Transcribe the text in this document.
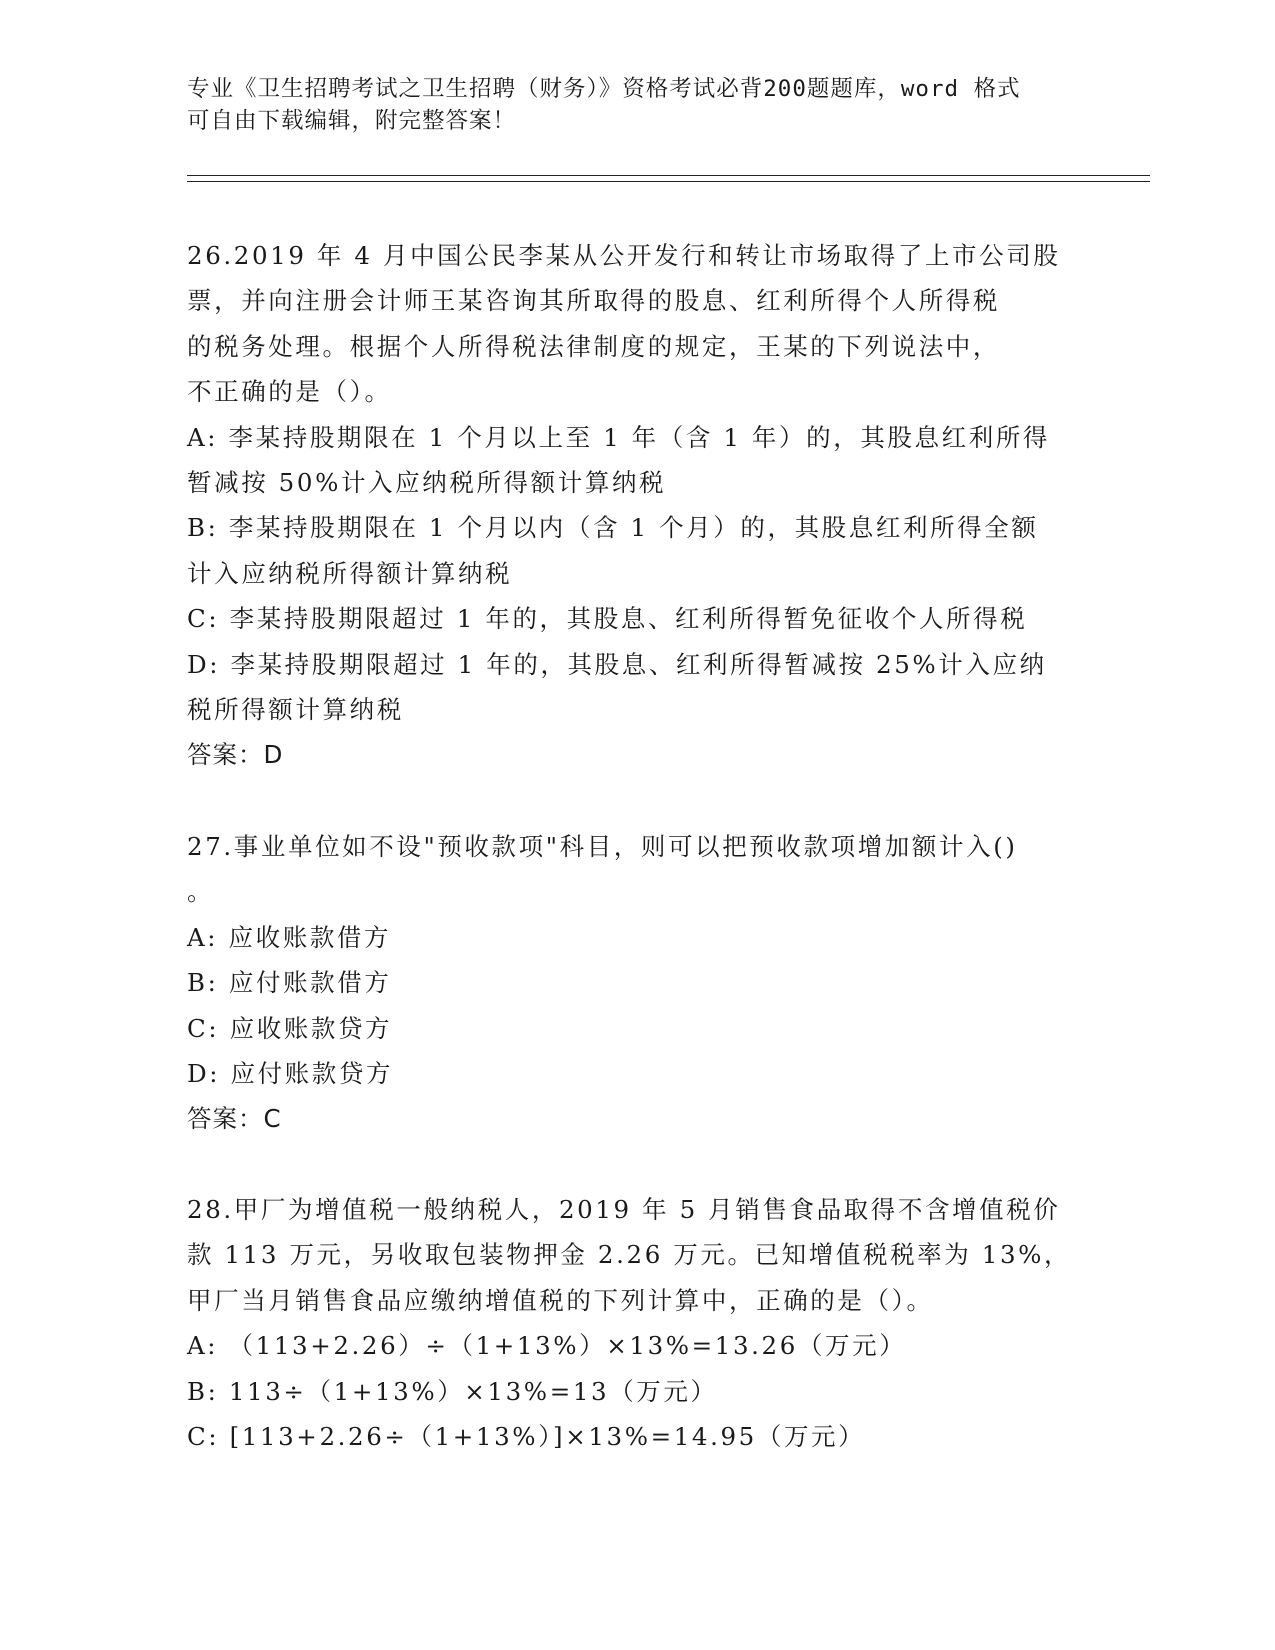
专业《卫生招聘考试之卫生招聘（财务）》资格考试必背200题题库，word 格式
可自由下载编辑，附完整答案！

26.2019 年 4 月中国公民李某从公开发行和转让市场取得了上市公司股

票，并向注册会计师王某咨询其所取得的股息、红利所得个人所得税

的税务处理。根据个人所得税法律制度的规定，王某的下列说法中，

不正确的是（）。

A: 李某持股期限在 1 个月以上至 1 年（含 1 年）的，其股息红利所得

暂减按 50%计入应纳税所得额计算纳税

B: 李某持股期限在 1 个月以内（含 1 个月）的，其股息红利所得全额

计入应纳税所得额计算纳税

C: 李某持股期限超过 1 年的，其股息、红利所得暂免征收个人所得税

D: 李某持股期限超过 1 年的，其股息、红利所得暂减按 25%计入应纳

税所得额计算纳税

答案：D

27.事业单位如不设"预收款项"科目，则可以把预收款项增加额计入()

。

A: 应收账款借方

B: 应付账款借方

C: 应收账款贷方

D: 应付账款贷方

答案：C

28.甲厂为增值税一般纳税人，2019 年 5 月销售食品取得不含增值税价

款 113 万元，另收取包装物押金 2.26 万元。已知增值税税率为 13%，

甲厂当月销售食品应缴纳增值税的下列计算中，正确的是（）。

A: （113+2.26）÷（1+13%）×13%=13.26（万元）

B: 113÷（1+13%）×13%=13（万元）

C: [113+2.26÷（1+13%）]×13%=14.95（万元）
